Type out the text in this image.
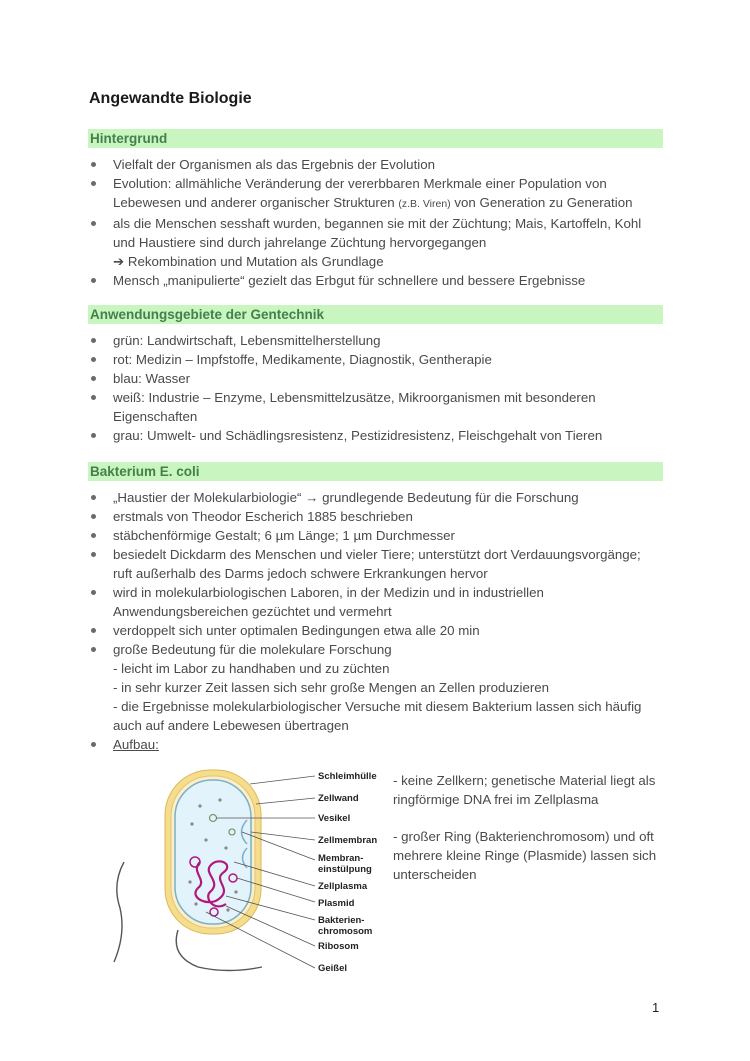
Angewandte Biologie
Hintergrund
Vielfalt der Organismen als das Ergebnis der Evolution
Evolution: allmähliche Veränderung der vererbbaren Merkmale einer Population von Lebewesen und anderer organischer Strukturen (z.B. Viren) von Generation zu Generation
als die Menschen sesshaft wurden, begannen sie mit der Züchtung; Mais, Kartoffeln, Kohl und Haustiere sind durch jahrelange Züchtung hervorgegangen
➔ Rekombination und Mutation als Grundlage
Mensch „manipulierte“ gezielt das Erbgut für schnellere und bessere Ergebnisse
Anwendungsgebiete der Gentechnik
grün: Landwirtschaft, Lebensmittelherstellung
rot: Medizin – Impfstoffe, Medikamente, Diagnostik, Gentherapie
blau: Wasser
weiß: Industrie – Enzyme, Lebensmittelzusätze, Mikroorganismen mit besonderen Eigenschaften
grau: Umwelt- und Schädlingsresistenz, Pestizidresistenz, Fleischgehalt von Tieren
Bakterium E. coli
„Haustier der Molekularbiologie“ → grundlegende Bedeutung für die Forschung
erstmals von Theodor Escherich 1885 beschrieben
stäbchenförmige Gestalt; 6 µm Länge; 1 µm Durchmesser
besiedelt Dickdarm des Menschen und vieler Tiere; unterstützt dort Verdauungsvorgänge; ruft außerhalb des Darms jedoch schwere Erkrankungen hervor
wird in molekularbiologischen Laboren, in der Medizin und in industriellen Anwendungsbereichen gezüchtet und vermehrt
verdoppelt sich unter optimalen Bedingungen etwa alle 20 min
große Bedeutung für die molekulare Forschung
- leicht im Labor zu handhaben und zu züchten
- in sehr kurzer Zeit lassen sich sehr große Mengen an Zellen produzieren
- die Ergebnisse molekularbiologischer Versuche mit diesem Bakterium lassen sich häufig auch auf andere Lebewesen übertragen
Aufbau:
Schleimhülle
Zellwand
Vesikel
Zellmembran
Membran-
einstülpung
Zellplasma
Plasmid
Bakterien-
chromosom
Ribosom
Geißel

- keine Zellkern; genetische Material liegt als ringförmige DNA frei im Zellplasma

- großer Ring (Bakterienchromosom) und oft mehrere kleine Ringe (Plasmide) lassen sich unterscheiden

1
